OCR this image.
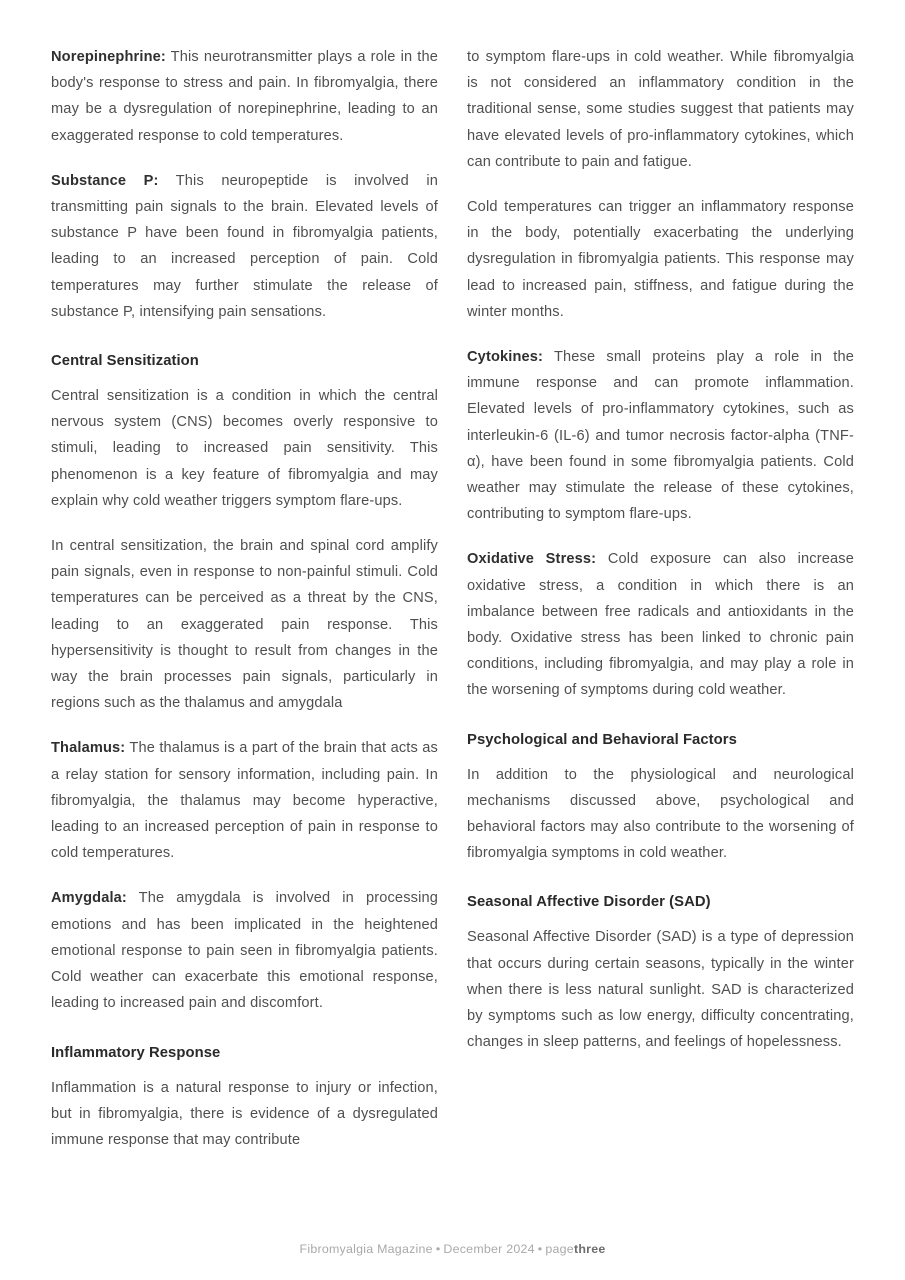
Norepinephrine: This neurotransmitter plays a role in the body's response to stress and pain. In fibromyalgia, there may be a dysregulation of norepinephrine, leading to an exaggerated response to cold temperatures.

Substance P: This neuropeptide is involved in transmitting pain signals to the brain. Elevated levels of substance P have been found in fibromyalgia patients, leading to an increased perception of pain. Cold temperatures may further stimulate the release of substance P, intensifying pain sensations.

Central Sensitization

Central sensitization is a condition in which the central nervous system (CNS) becomes overly responsive to stimuli, leading to increased pain sensitivity. This phenomenon is a key feature of fibromyalgia and may explain why cold weather triggers symptom flare-ups.

In central sensitization, the brain and spinal cord amplify pain signals, even in response to non-painful stimuli. Cold temperatures can be perceived as a threat by the CNS, leading to an exaggerated pain response. This hypersensitivity is thought to result from changes in the way the brain processes pain signals, particularly in regions such as the thalamus and amygdala

Thalamus: The thalamus is a part of the brain that acts as a relay station for sensory information, including pain. In fibromyalgia, the thalamus may become hyperactive, leading to an increased perception of pain in response to cold temperatures.

Amygdala: The amygdala is involved in processing emotions and has been implicated in the heightened emotional response to pain seen in fibromyalgia patients. Cold weather can exacerbate this emotional response, leading to increased pain and discomfort.

Inflammatory Response

Inflammation is a natural response to injury or infection, but in fibromyalgia, there is evidence of a dysregulated immune response that may contribute

to symptom flare-ups in cold weather. While fibromyalgia is not considered an inflammatory condition in the traditional sense, some studies suggest that patients may have elevated levels of pro-inflammatory cytokines, which can contribute to pain and fatigue.

Cold temperatures can trigger an inflammatory response in the body, potentially exacerbating the underlying dysregulation in fibromyalgia patients. This response may lead to increased pain, stiffness, and fatigue during the winter months.

Cytokines: These small proteins play a role in the immune response and can promote inflammation. Elevated levels of pro-inflammatory cytokines, such as interleukin-6 (IL-6) and tumor necrosis factor-alpha (TNF-α), have been found in some fibromyalgia patients. Cold weather may stimulate the release of these cytokines, contributing to symptom flare-ups.

Oxidative Stress: Cold exposure can also increase oxidative stress, a condition in which there is an imbalance between free radicals and antioxidants in the body. Oxidative stress has been linked to chronic pain conditions, including fibromyalgia, and may play a role in the worsening of symptoms during cold weather.

Psychological and Behavioral Factors

In addition to the physiological and neurological mechanisms discussed above, psychological and behavioral factors may also contribute to the worsening of fibromyalgia symptoms in cold weather.

Seasonal Affective Disorder (SAD)

Seasonal Affective Disorder (SAD) is a type of depression that occurs during certain seasons, typically in the winter when there is less natural sunlight. SAD is characterized by symptoms such as low energy, difficulty concentrating, changes in sleep patterns, and feelings of hopelessness.

Fibromyalgia Magazine • December 2024 • pagethree
